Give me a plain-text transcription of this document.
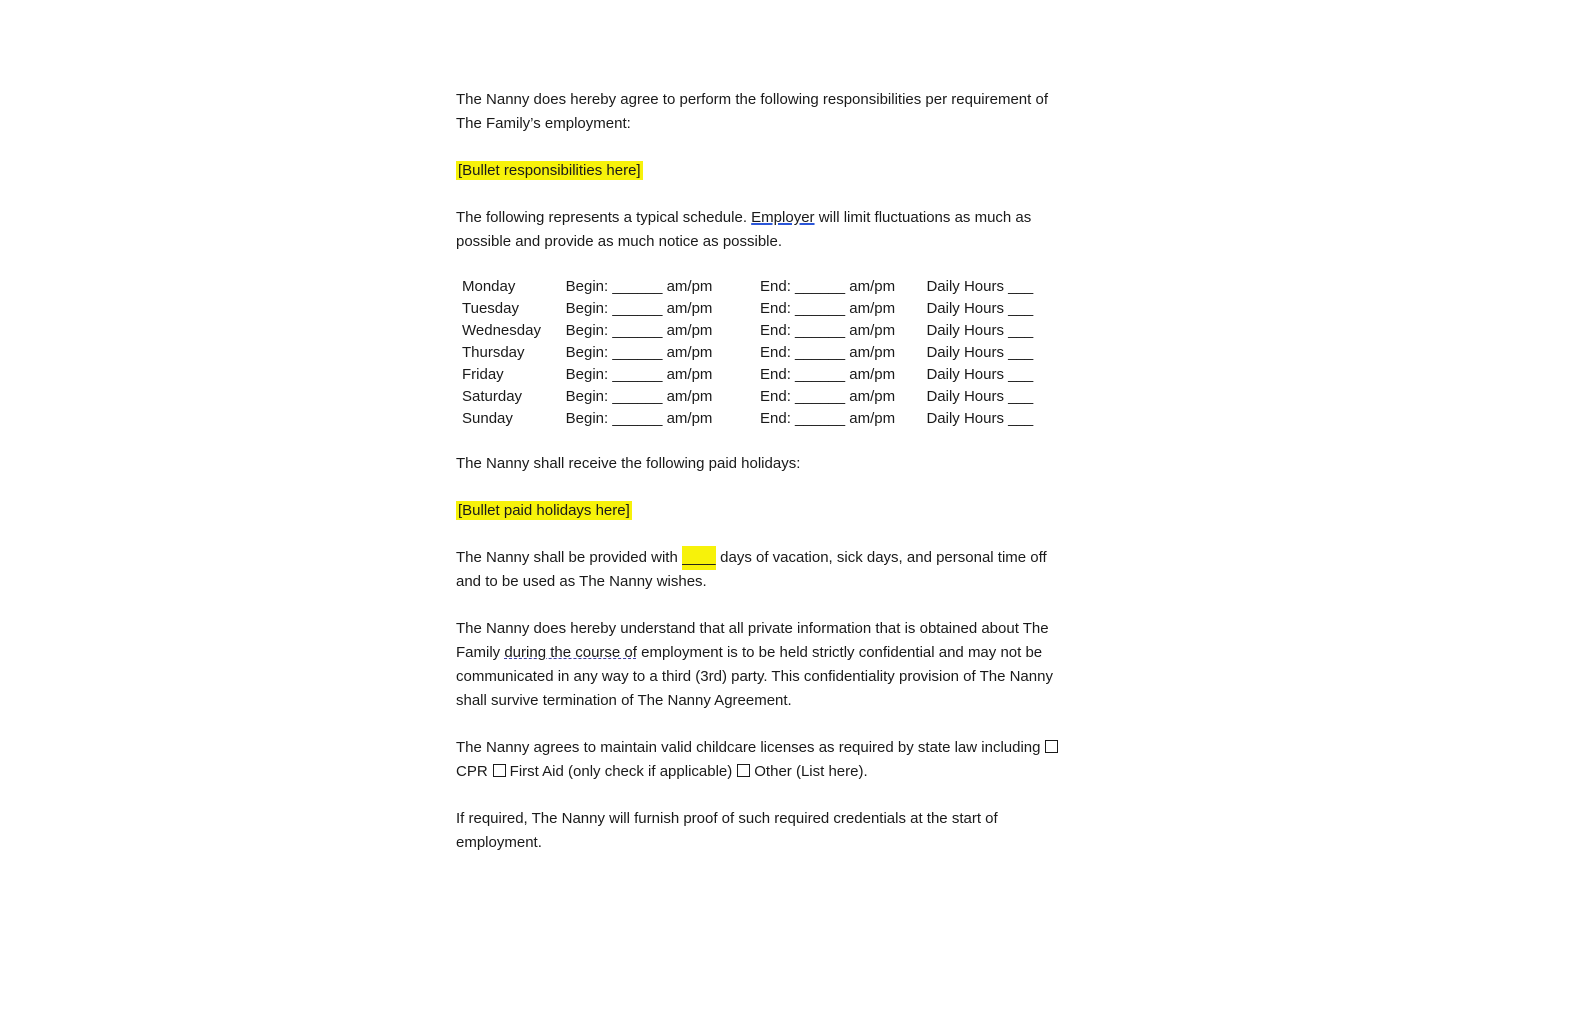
The Nanny does hereby agree to perform the following responsibilities per requirement of The Family’s employment:

[Bullet responsibilities here]

The following represents a typical schedule. Employer will limit fluctuations as much as possible and provide as much notice as possible.

Monday	Begin: ______ am/pm	End: ______ am/pm	Daily Hours ___
Tuesday	Begin: ______ am/pm	End: ______ am/pm	Daily Hours ___
Wednesday	Begin: ______ am/pm	End: ______ am/pm	Daily Hours ___
Thursday	Begin: ______ am/pm	End: ______ am/pm	Daily Hours ___
Friday	Begin: ______ am/pm	End: ______ am/pm	Daily Hours ___
Saturday	Begin: ______ am/pm	End: ______ am/pm	Daily Hours ___
Sunday	Begin: ______ am/pm	End: ______ am/pm	Daily Hours ___

The Nanny shall receive the following paid holidays:

[Bullet paid holidays here]

The Nanny shall be provided with ____ days of vacation, sick days, and personal time off and to be used as The Nanny wishes.

The Nanny does hereby understand that all private information that is obtained about The Family during the course of employment is to be held strictly confidential and may not be communicated in any way to a third (3rd) party. This confidentiality provision of The Nanny shall survive termination of The Nanny Agreement.

The Nanny agrees to maintain valid childcare licenses as required by state law includingCPR First Aid (only check if applicable) Other (List here).

If required, The Nanny will furnish proof of such required credentials at the start of employment.
